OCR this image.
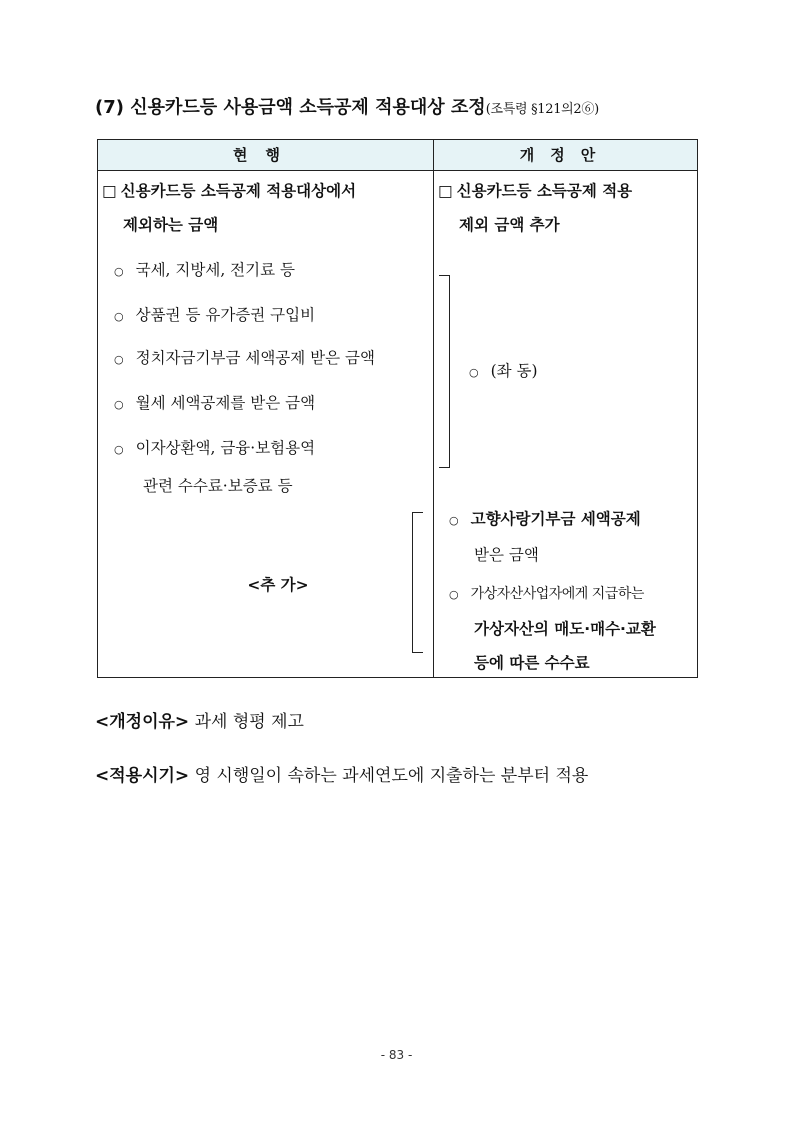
(7) 신용카드등 사용금액 소득공제 적용대상 조정(조특령 §121의2⑥)
현행	개정안
□ 신용카드등 소득공제 적용대상에서
제외하는 금액
○ 국세, 지방세, 전기료 등
○ 상품권 등 유가증권 구입비
○ 정치자금기부금 세액공제 받은 금액
○ 월세 세액공제를 받은 금액
○ 이자상환액, 금융·보험용역
관련 수수료·보증료 등
<추 가>
□ 신용카드등 소득공제 적용
제외 금액 추가
○ (좌 동)
○ 고향사랑기부금 세액공제
받은 금액
○ 가상자산사업자에게 지급하는
가상자산의 매도·매수·교환
등에 따른 수수료
<개정이유> 과세 형평 제고
<적용시기> 영 시행일이 속하는 과세연도에 지출하는 분부터 적용
- 83 -
